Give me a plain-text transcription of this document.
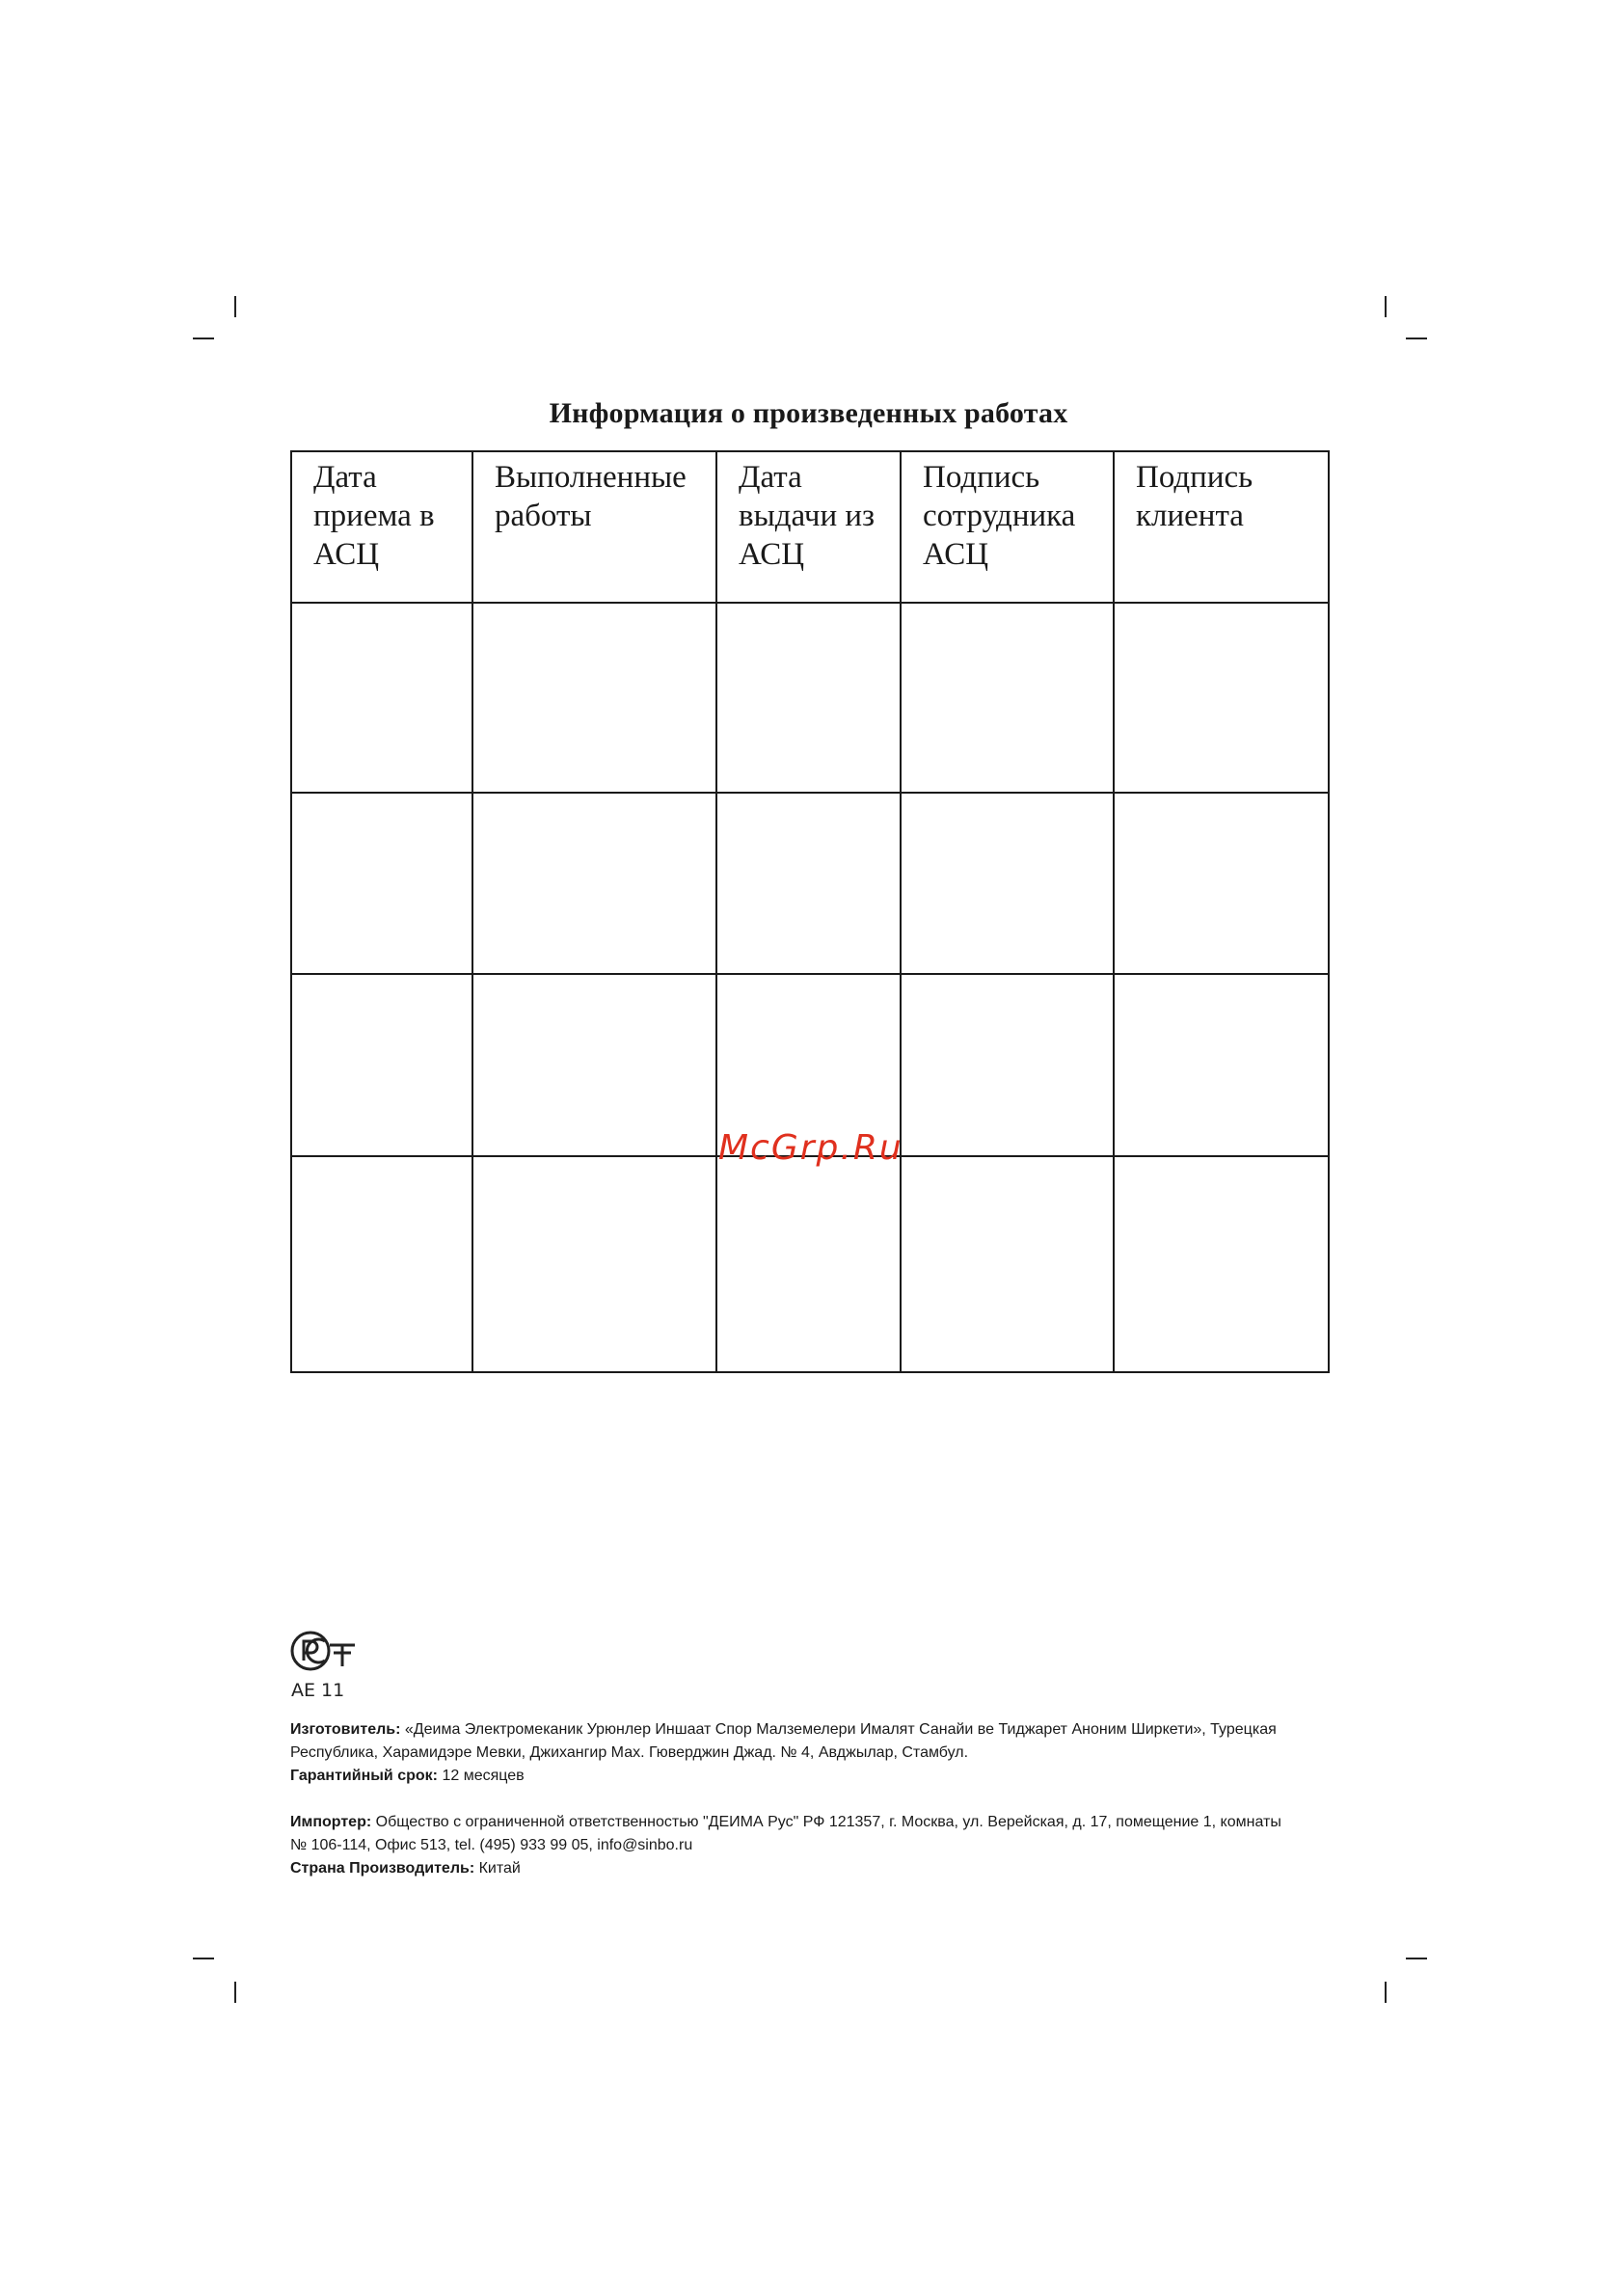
Информация о произведенных работах
Дата
приема в
АСЦ	Выполненные
работы	Дата
выдачи из
АСЦ	Подпись
сотрудника
АСЦ	Подпись
клиента

McGrp.Ru
АЕ 11
Изготовитель: «Деима Электромеканик Урюнлер Иншаат Спор Малземелери Ималят Санайи ве Тиджарет Аноним Ширкети», Турецкая
Республика, Харамидэре Мевки, Джихангир Мах. Гюверджин Джад. № 4, Авджылар, Стамбул.
Гарантийный срок: 12 месяцев
Импортер: Общество с ограниченной ответственностью "ДЕИМА Рус" РФ 121357, г. Москва, ул. Верейская, д. 17, помещение 1, комнаты
№ 106-114, Офис 513, tel. (495) 933 99 05, info@sinbo.ru
Страна Производитель: Китай
